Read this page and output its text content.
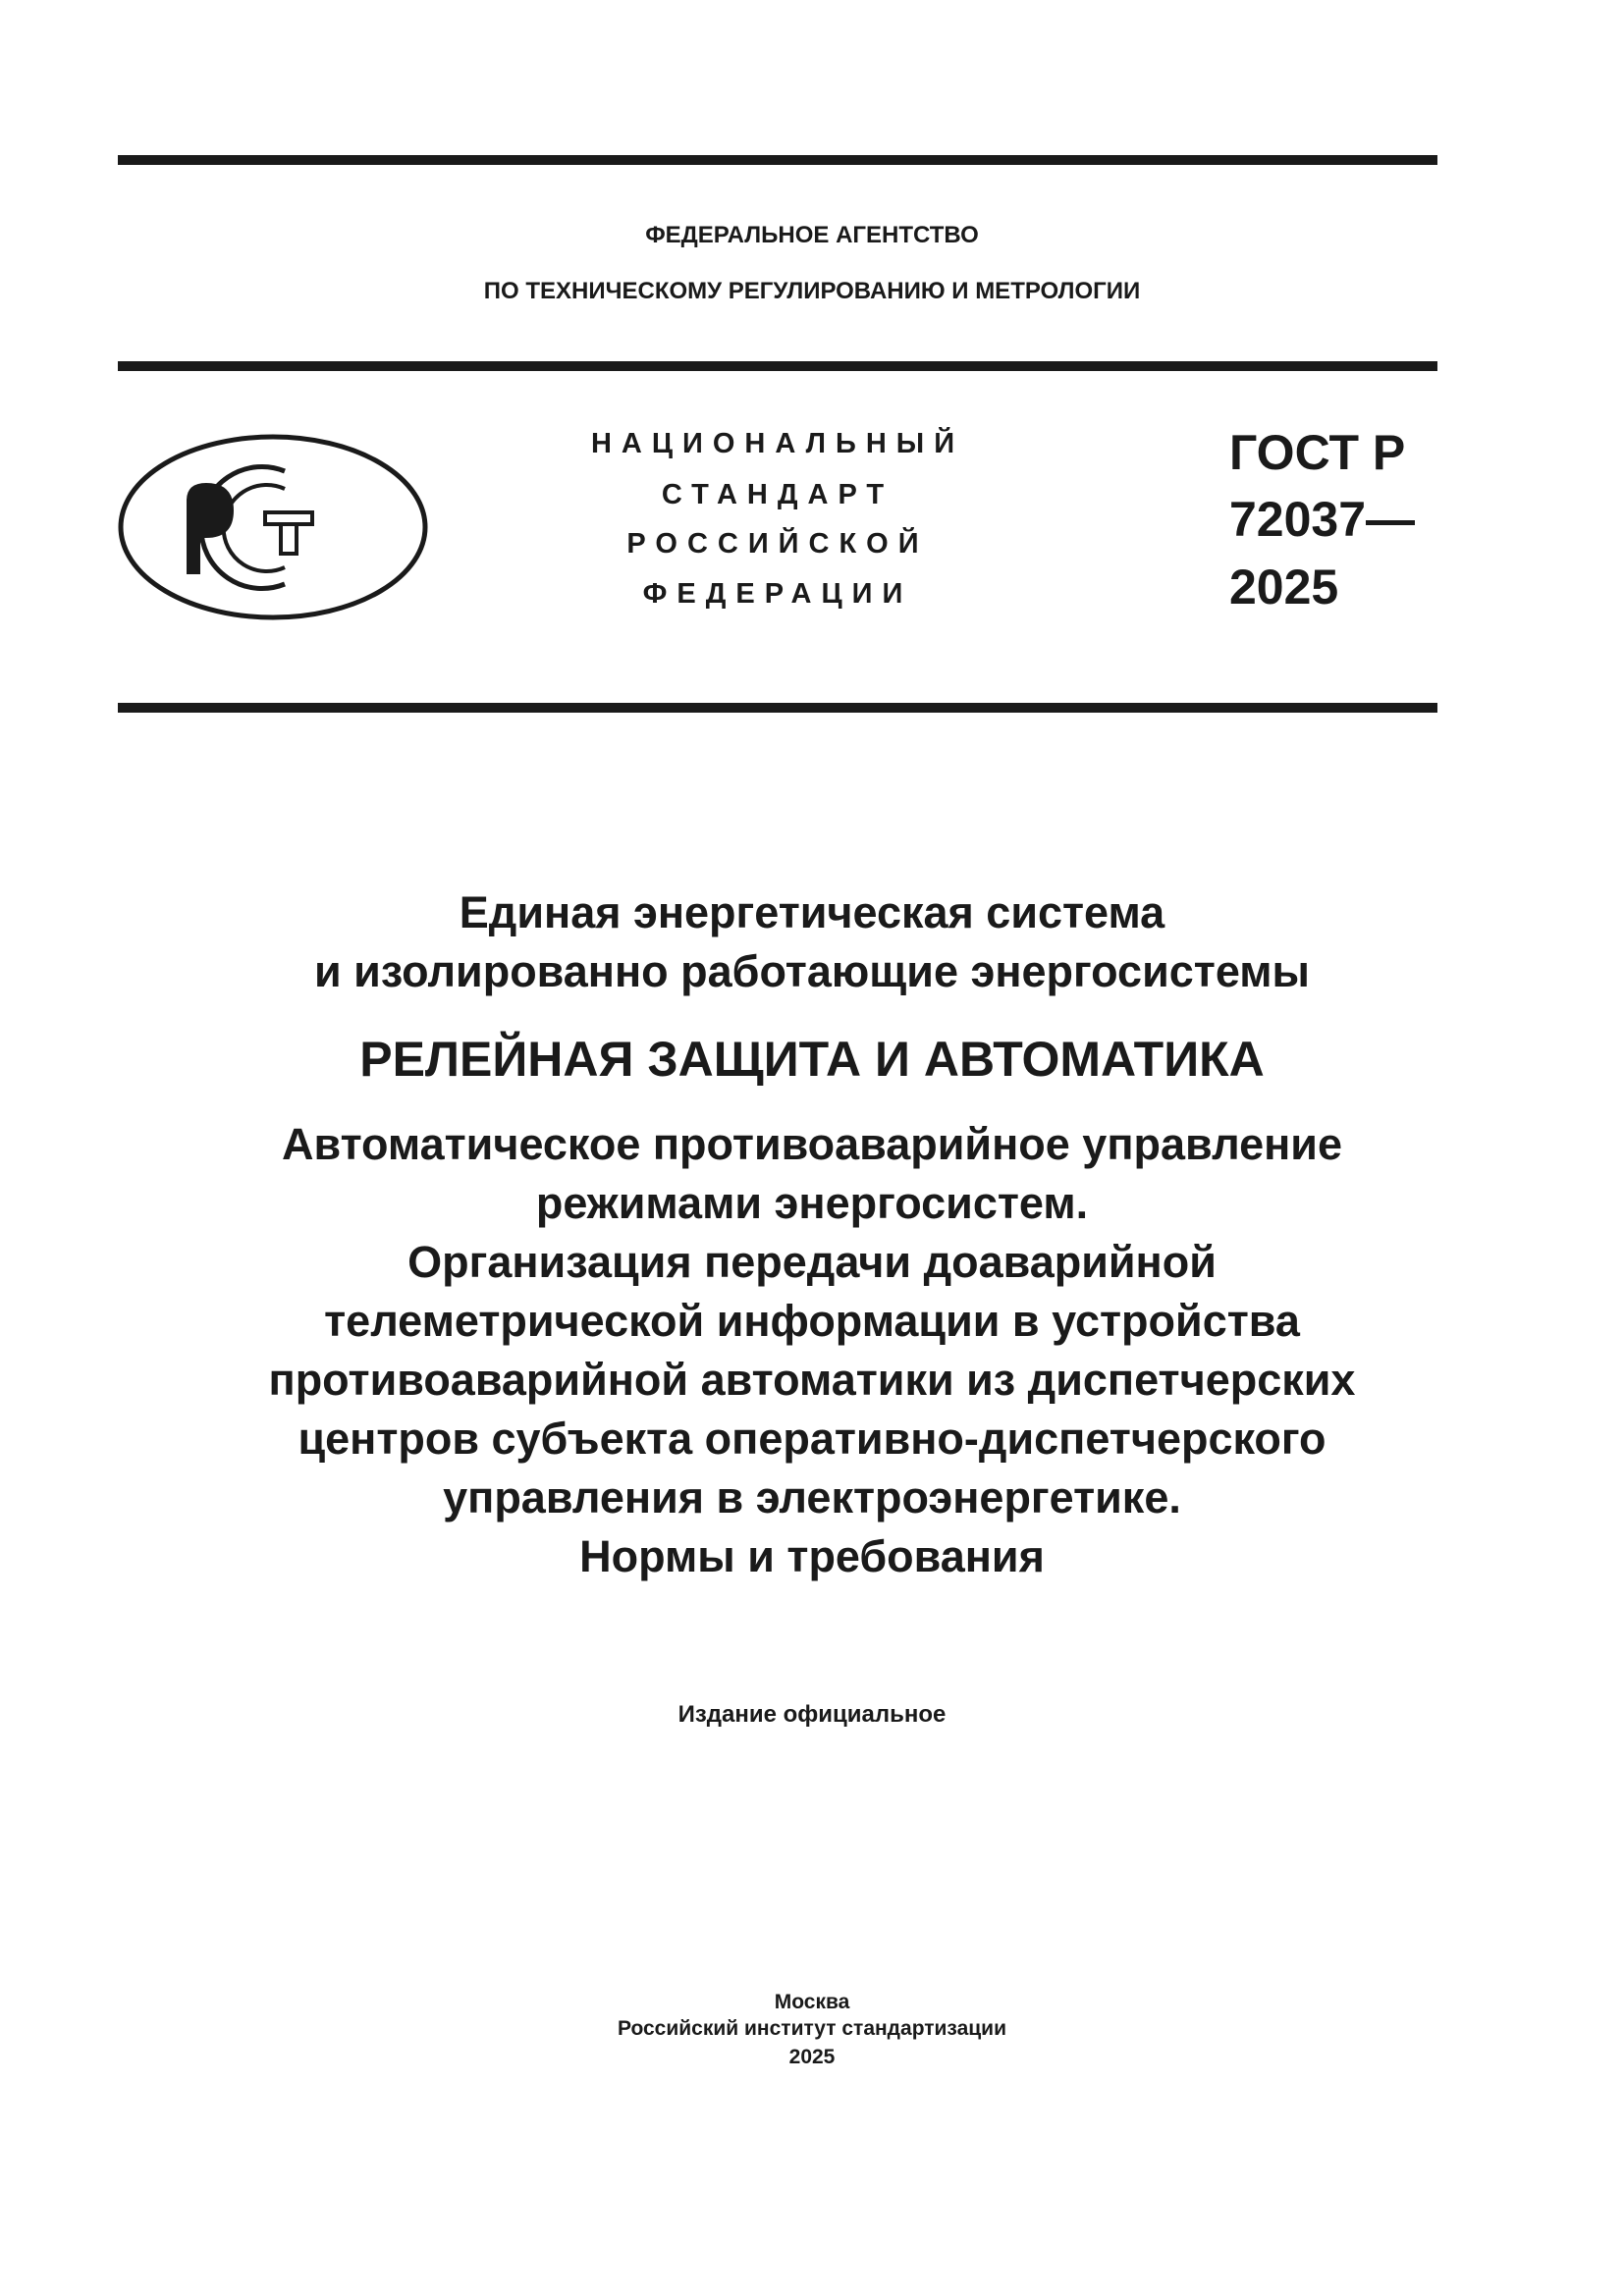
ФЕДЕРАЛЬНОЕ АГЕНТСТВО
ПО ТЕХНИЧЕСКОМУ РЕГУЛИРОВАНИЮ И МЕТРОЛОГИИ
НАЦИОНАЛЬНЫЙ
СТАНДАРТ
РОССИЙСКОЙ
ФЕДЕРАЦИИ
ГОСТ Р
72037—
2025
Единая энергетическая система
и изолированно работающие энергосистемы
РЕЛЕЙНАЯ ЗАЩИТА И АВТОМАТИКА
Автоматическое противоаварийное управление
режимами энергосистем.
Организация передачи доаварийной
телеметрической информации в устройства
противоаварийной автоматики из диспетчерских
центров субъекта оперативно-диспетчерского
управления в электроэнергетике.
Нормы и требования
Издание официальное
Москва
Российский институт стандартизации
2025
